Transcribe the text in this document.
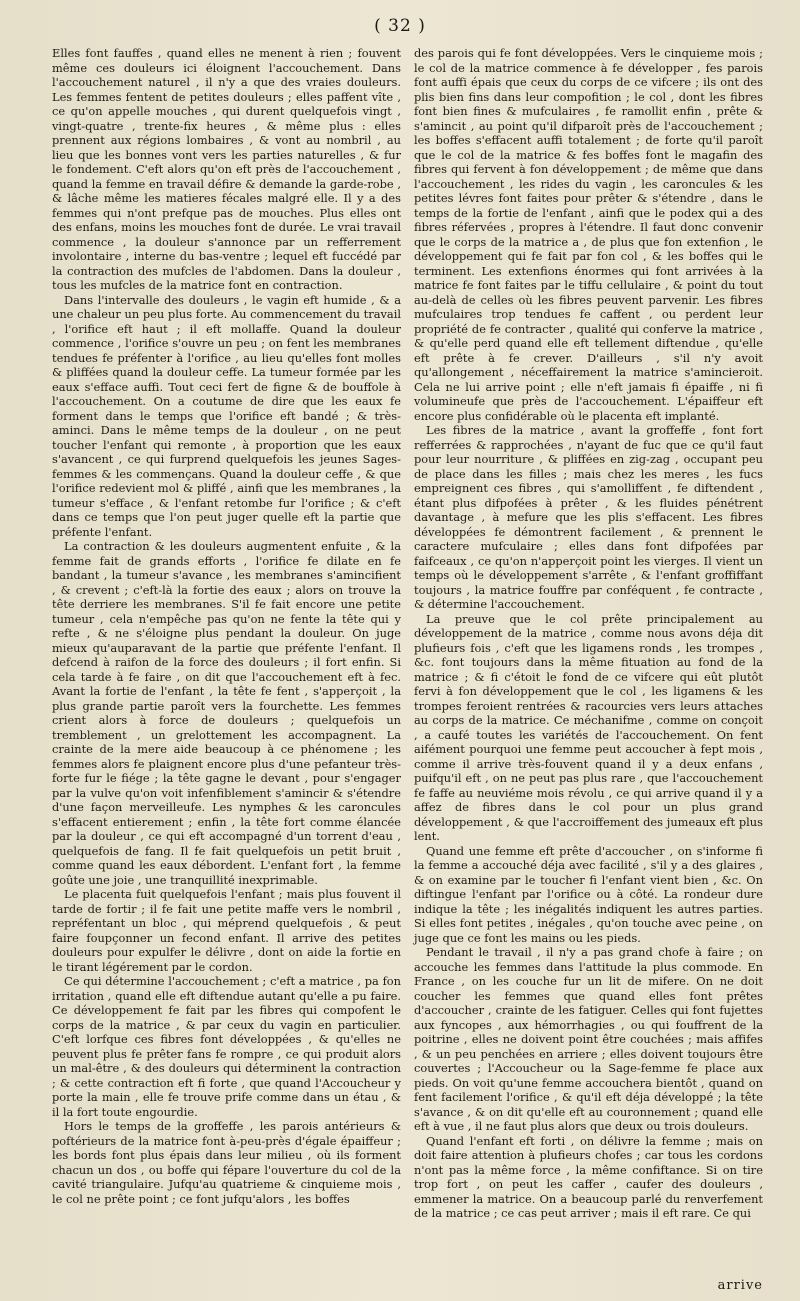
( 32 )

Elles font fauffes , quand elles ne menent à rien ; fouvent même ces douleurs ici éloignent l'accouchement. Dans l'accouchement naturel , il n'y a que des vraies douleurs. Les femmes fentent de petites douleurs ; elles paffent vîte , ce qu'on appelle mouches , qui durent quelquefois vingt , vingt-quatre , trente-fix heures , & même plus : elles prennent aux régions lombaires , & vont au nombril , au lieu que les bonnes vont vers les parties naturelles , & fur le fondement. C'eft alors qu'on eft près de l'accouchement , quand la femme en travail défire & demande la garde-robe , & lâche même les matieres fécales malgré elle. Il y a des femmes qui n'ont prefque pas de mouches. Plus elles ont des enfans, moins les mouches font de durée. Le vrai travail commence , la douleur s'annonce par un refferrement involontaire , interne du bas-ventre ; lequel eft fuccédé par la contraction des mufcles de l'abdomen. Dans la douleur , tous les mufcles de la matrice font en contraction.

Dans l'intervalle des douleurs , le vagin eft humide , & a une chaleur un peu plus forte. Au commencement du travail , l'orifice eft haut ; il eft mollaffe. Quand la douleur commence , l'orifice s'ouvre un peu ; on fent les membranes tendues fe préfenter à l'orifice , au lieu qu'elles font molles & pliffées quand la douleur ceffe. La tumeur formée par les eaux s'efface auffi. Tout ceci fert de figne & de bouffole à l'accouchement. On a coutume de dire que les eaux fe forment dans le temps que l'orifice eft bandé ; & très-aminci. Dans le même temps de la douleur , on ne peut toucher l'enfant qui remonte , à proportion que les eaux s'avancent , ce qui furprend quelquefois les jeunes Sages-femmes & les commençans. Quand la douleur ceffe , & que l'orifice redevient mol & pliffé , ainfi que les membranes , la tumeur s'efface , & l'enfant retombe fur l'orifice ; & c'eft dans ce temps que l'on peut juger quelle eft la partie que préfente l'enfant.

La contraction & les douleurs augmentent enfuite , & la femme fait de grands efforts , l'orifice fe dilate en fe bandant , la tumeur s'avance , les membranes s'amincifient , & crevent ; c'eft-là la fortie des eaux ; alors on trouve la tête derriere les membranes. S'il fe fait encore une petite tumeur , cela n'empêche pas qu'on ne fente la tête qui y refte , & ne s'éloigne plus pendant la douleur. On juge mieux qu'auparavant de la partie que préfente l'enfant. Il defcend à raifon de la force des douleurs ; il fort enfin. Si cela tarde à fe faire , on dit que l'accouchement eft à fec. Avant la fortie de l'enfant , la tête fe fent , s'apperçoit , la plus grande partie paroît vers la fourchette. Les femmes crient alors à force de douleurs ; quelquefois un tremblement , un grelottement les accompagnent. La crainte de la mere aide beaucoup à ce phénomene ; les femmes alors fe plaignent encore plus d'une pefanteur très-forte fur le fiége ; la tête gagne le devant , pour s'engager par la vulve qu'on voit infenfiblement s'amincir & s'étendre d'une façon merveilleufe. Les nymphes & les caroncules s'effacent entierement ; enfin , la tête fort comme élancée par la douleur , ce qui eft accompagné d'un torrent d'eau , quelquefois de fang. Il fe fait quelquefois un petit bruit , comme quand les eaux débordent. L'enfant fort , la femme goûte une joie , une tranquillité inexprimable.

Le placenta fuit quelquefois l'enfant ; mais plus fouvent il tarde de fortir ; il fe fait une petite maffe vers le nombril , repréfentant un bloc , qui méprend quelquefois , & peut faire foupçonner un fecond enfant. Il arrive des petites douleurs pour expulfer le délivre , dont on aide la fortie en le tirant légérement par le cordon.

Ce qui détermine l'accouchement ; c'eft a matrice , pa fon irritation , quand elle eft diftendue autant qu'elle a pu faire. Ce développement fe fait par les fibres qui compofent le corps de la matrice , & par ceux du vagin en particulier. C'eft lorfque ces fibres font développées , & qu'elles ne peuvent plus fe prêter fans fe rompre , ce qui produit alors un mal-être , & des douleurs qui déterminent la contraction ; & cette contraction eft fi forte , que quand l'Accoucheur y porte la main , elle fe trouve prife comme dans un étau , & il la fort toute engourdie.

Hors le temps de la groffeffe , les parois antérieurs & poftérieurs de la matrice font à-peu-près d'égale épaiffeur ; les bords font plus épais dans leur milieu , où ils forment chacun un dos , ou boffe qui fépare l'ouverture du col de la cavité triangulaire. Jufqu'au quatrieme & cinquieme mois , le col ne prête point ; ce font jufqu'alors , les boffes

des parois qui fe font développées. Vers le cinquieme mois ; le col de la matrice commence à fe développer , fes parois font auffi épais que ceux du corps de ce vifcere ; ils ont des plis bien fins dans leur compofition ; le col , dont les fibres font bien fines & mufculaires , fe ramollit enfin , prête & s'amincit , au point qu'il difparoît près de l'accouchement ; les boffes s'effacent auffi totalement ; de forte qu'il paroît que le col de la matrice & fes boffes font le magafin des fibres qui fervent à fon développement ; de même que dans l'accouchement , les rides du vagin , les caroncules & les petites lévres font faites pour prêter & s'étendre , dans le temps de la fortie de l'enfant , ainfi que le podex qui a des fibres réfervées , propres à l'étendre. Il faut donc convenir que le corps de la matrice a , de plus que fon extenfion , le développement qui fe fait par fon col , & les boffes qui le terminent. Les extenfions énormes qui font arrivées à la matrice fe font faites par le tiffu cellulaire , & point du tout au-delà de celles où les fibres peuvent parvenir. Les fibres mufculaires trop tendues fe caffent , ou perdent leur propriété de fe contracter , qualité qui conferve la matrice , & qu'elle perd quand elle eft tellement diftendue , qu'elle eft prête à fe crever. D'ailleurs , s'il n'y avoit qu'allongement , néceffairement la matrice s'amincieroit. Cela ne lui arrive point ; elle n'eft jamais fi épaiffe , ni fi volumineufe que près de l'accouchement. L'épaiffeur eft encore plus confidérable où le placenta eft implanté.

Les fibres de la matrice , avant la groffeffe , font fort refferrées & rapprochées , n'ayant de fuc que ce qu'il faut pour leur nourriture , & pliffées en zig-zag , occupant peu de place dans les filles ; mais chez les meres , les fucs empreignent ces fibres , qui s'amolliffent , fe diftendent , étant plus difpofées à prêter , & les fluides pénétrent davantage , à mefure que les plis s'effacent. Les fibres développées fe démontrent facilement , & prennent le caractere mufculaire ; elles dans font difpofées par faifceaux , ce qu'on n'apperçoit point les vierges. Il vient un temps où le développement s'arrête , & l'enfant groffiffant toujours , la matrice fouffre par conféquent , fe contracte , & détermine l'accouchement.

La preuve que le col prête principalement au développement de la matrice , comme nous avons déja dit plufieurs fois , c'eft que les ligamens ronds , les trompes , &c. font toujours dans la même fituation au fond de la matrice ; & fi c'étoit le fond de ce vifcere qui eût plutôt fervi à fon développement que le col , les ligamens & les trompes feroient rentrées & racourcies vers leurs attaches au corps de la matrice. Ce méchanifme , comme on conçoit , a caufé toutes les variétés de l'accouchement. On fent aifément pourquoi une femme peut accoucher à fept mois , comme il arrive très-fouvent quand il y a deux enfans , puifqu'il eft , on ne peut pas plus rare , que l'accouchement fe faffe au neuviéme mois révolu , ce qui arrive quand il y a affez de fibres dans le col pour un plus grand développement , & que l'accroiffement des jumeaux eft plus lent.

Quand une femme eft prête d'accoucher , on s'informe fi la femme a accouché déja avec facilité , s'il y a des glaires , & on examine par le toucher fi l'enfant vient bien , &c. On diftingue l'enfant par l'orifice ou à côté. La rondeur dure indique la tête ; les inégalités indiquent les autres parties. Si elles font petites , inégales , qu'on touche avec peine , on juge que ce font les mains ou les pieds.

Pendant le travail , il n'y a pas grand chofe à faire ; on accouche les femmes dans l'attitude la plus commode. En France , on les couche fur un lit de mifere. On ne doit coucher les femmes que quand elles font prêtes d'accoucher , crainte de les fatiguer. Celles qui font fujettes aux fyncopes , aux hémorrhagies , ou qui fouffrent de la poitrine , elles ne doivent point être couchées ; mais affifes , & un peu penchées en arriere ; elles doivent toujours être couvertes ; l'Accoucheur ou la Sage-femme fe place aux pieds. On voit qu'une femme accouchera bientôt , quand on fent facilement l'orifice , & qu'il eft déja développé ; la tête s'avance , & on dit qu'elle eft au couronnement ; quand elle eft à vue , il ne faut plus alors que deux ou trois douleurs.

Quand l'enfant eft forti , on délivre la femme ; mais on doit faire attention à plufieurs chofes ; car tous les cordons n'ont pas la même force , la même confiftance. Si on tire trop fort , on peut les caffer , caufer des douleurs , emmener la matrice. On a beaucoup parlé du renverfement de la matrice ; ce cas peut arriver ; mais il eft rare. Ce qui

arrive
